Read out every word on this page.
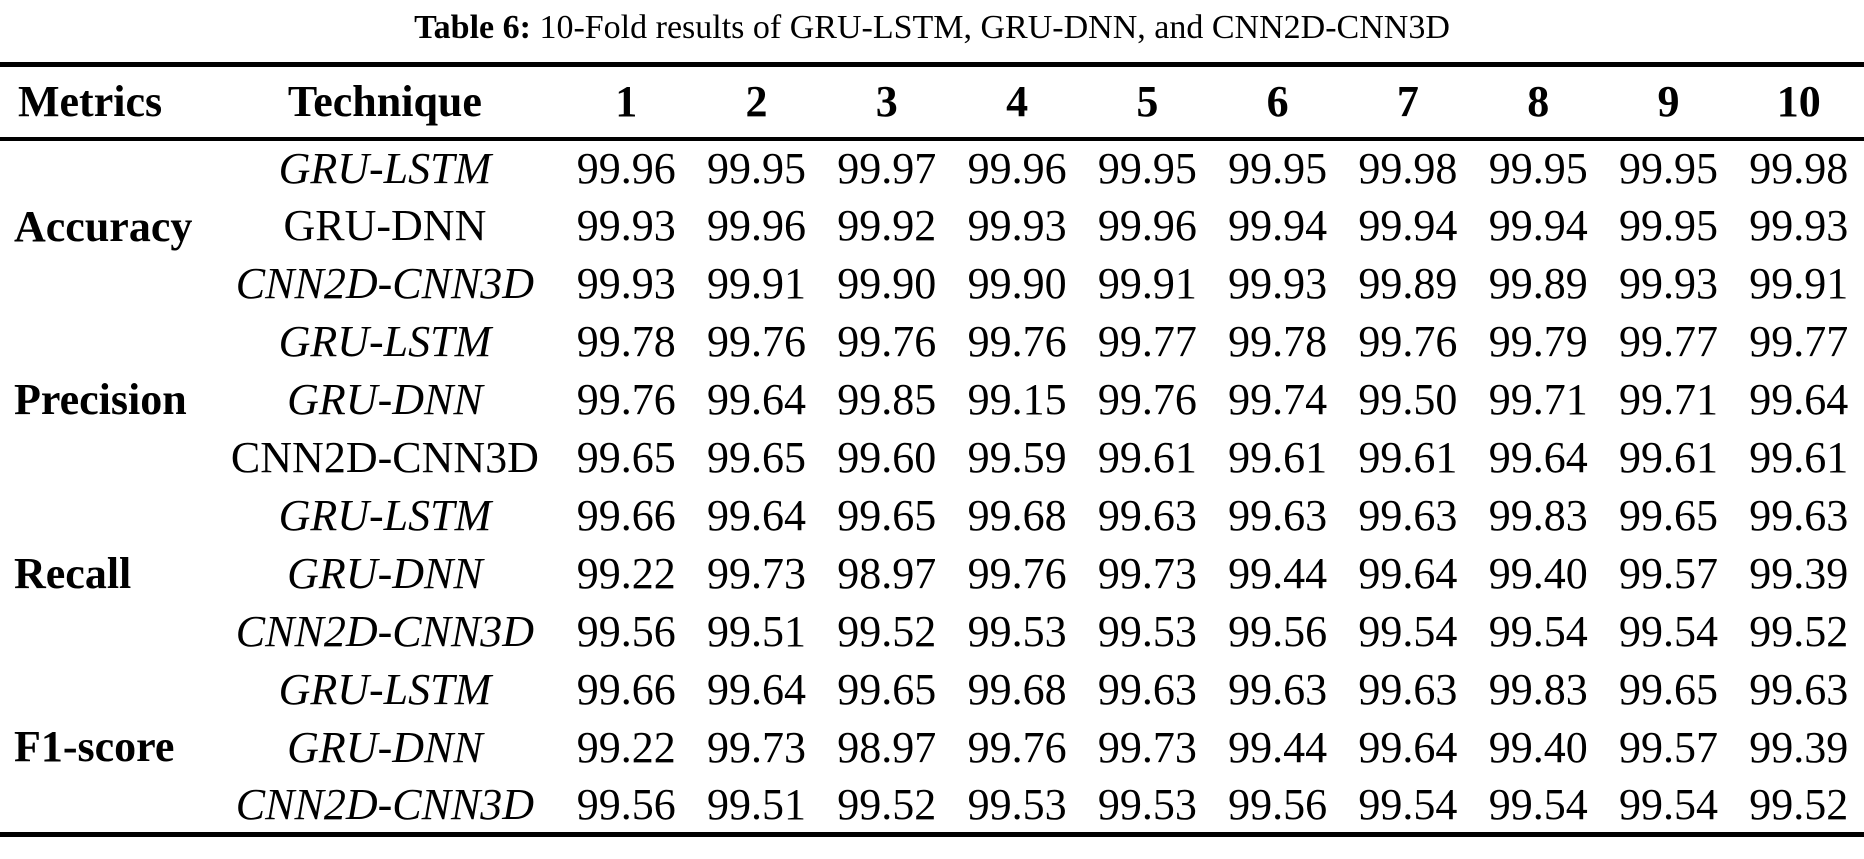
Table 6: 10-Fold results of GRU-LSTM, GRU-DNN, and CNN2D-CNN3D
Metrics	Technique	1	2	3	4	5	6	7	8	9	10
Accuracy	GRU-LSTM	99.96	99.95	99.97	99.96	99.95	99.95	99.98	99.95	99.95	99.98
	GRU-DNN	99.93	99.96	99.92	99.93	99.96	99.94	99.94	99.94	99.95	99.93
	CNN2D-CNN3D	99.93	99.91	99.90	99.90	99.91	99.93	99.89	99.89	99.93	99.91
Precision	GRU-LSTM	99.78	99.76	99.76	99.76	99.77	99.78	99.76	99.79	99.77	99.77
	GRU-DNN	99.76	99.64	99.85	99.15	99.76	99.74	99.50	99.71	99.71	99.64
	CNN2D-CNN3D	99.65	99.65	99.60	99.59	99.61	99.61	99.61	99.64	99.61	99.61
Recall	GRU-LSTM	99.66	99.64	99.65	99.68	99.63	99.63	99.63	99.83	99.65	99.63
	GRU-DNN	99.22	99.73	98.97	99.76	99.73	99.44	99.64	99.40	99.57	99.39
	CNN2D-CNN3D	99.56	99.51	99.52	99.53	99.53	99.56	99.54	99.54	99.54	99.52
F1-score	GRU-LSTM	99.66	99.64	99.65	99.68	99.63	99.63	99.63	99.83	99.65	99.63
	GRU-DNN	99.22	99.73	98.97	99.76	99.73	99.44	99.64	99.40	99.57	99.39
	CNN2D-CNN3D	99.56	99.51	99.52	99.53	99.53	99.56	99.54	99.54	99.54	99.52
